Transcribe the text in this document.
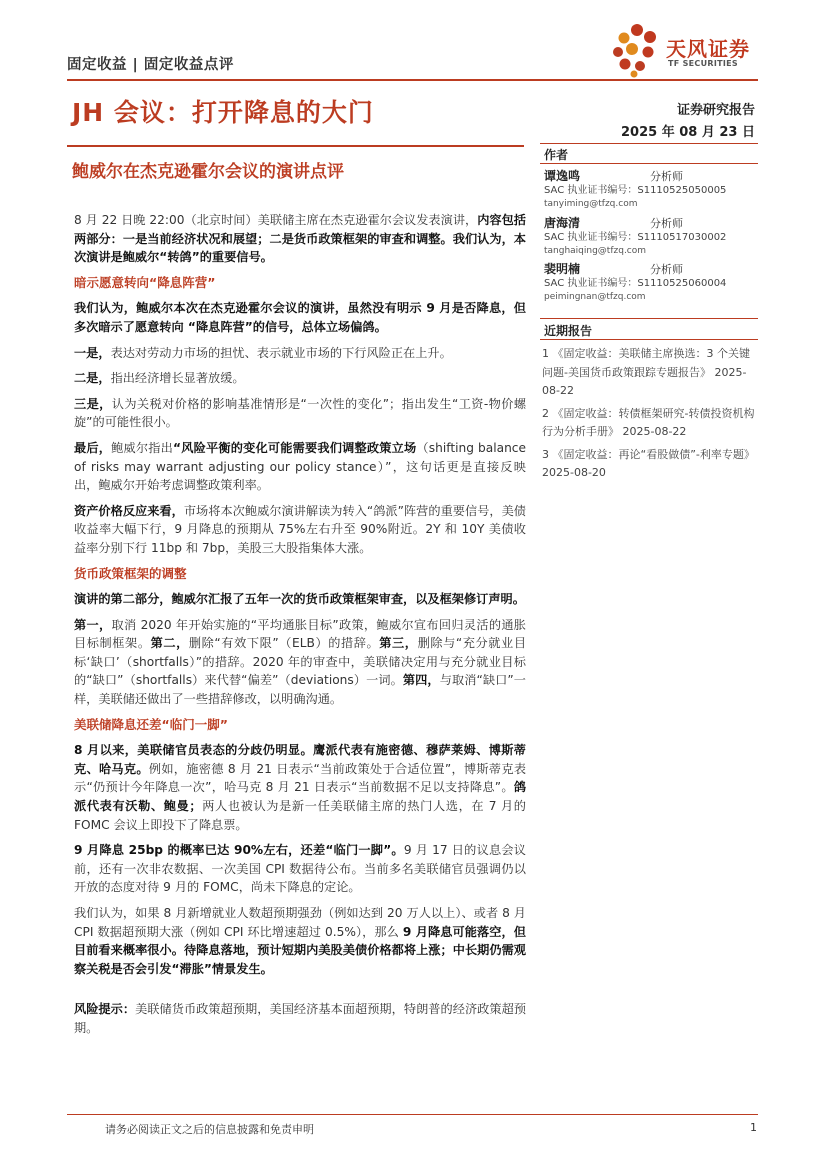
固定收益 | 固定收益点评
天风证券
TF SECURITIES
JH 会议：打开降息的大门
鲍威尔在杰克逊霍尔会议的演讲点评
证券研究报告
2025 年 08 月 23 日
作者
谭逸鸣	分析师
SAC 执业证书编号：S1110525050005
tanyiming@tfzq.com
唐海清	分析师
SAC 执业证书编号：S1110517030002
tanghaiqing@tfzq.com
裴明楠	分析师
SAC 执业证书编号：S1110525060004
peimingnan@tfzq.com
近期报告

1 《固定收益：美联储主席换选：3 个关键问题-美国货币政策跟踪专题报告》 2025-08-22

2 《固定收益：转债框架研究-转债投资机构行为分析手册》 2025-08-22

3 《固定收益：再论“看股做债”-利率专题》 2025-08-20

8 月 22 日晚 22:00（北京时间）美联储主席在杰克逊霍尔会议发表演讲，内容包括两部分：一是当前经济状况和展望；二是货币政策框架的审查和调整。我们认为，本次演讲是鲍威尔“转鸽”的重要信号。

暗示愿意转向“降息阵营”

我们认为，鲍威尔本次在杰克逊霍尔会议的演讲，虽然没有明示 9 月是否降息，但多次暗示了愿意转向 “降息阵营”的信号，总体立场偏鸽。

一是，表达对劳动力市场的担忧、表示就业市场的下行风险正在上升。

二是，指出经济增长显著放缓。

三是，认为关税对价格的影响基准情形是“一次性的变化”；指出发生“工资-物价螺旋”的可能性很小。

最后，鲍威尔指出“风险平衡的变化可能需要我们调整政策立场（shifting balance of risks may warrant adjusting our policy stance）”，这句话更是直接反映出，鲍威尔开始考虑调整政策利率。

资产价格反应来看，市场将本次鲍威尔演讲解读为转入“鸽派”阵营的重要信号，美债收益率大幅下行，9 月降息的预期从 75%左右升至 90%附近。2Y 和 10Y 美债收益率分别下行 11bp 和 7bp，美股三大股指集体大涨。

货币政策框架的调整

演讲的第二部分，鲍威尔汇报了五年一次的货币政策框架审查，以及框架修订声明。

第一，取消 2020 年开始实施的“平均通胀目标”政策，鲍威尔宣布回归灵活的通胀目标制框架。第二，删除“有效下限”（ELB）的措辞。第三，删除与“充分就业目标‘缺口’（shortfalls）”的措辞。2020 年的审查中，美联储决定用与充分就业目标的“缺口”（shortfalls）来代替“偏差”（deviations）一词。第四，与取消“缺口”一样，美联储还做出了一些措辞修改，以明确沟通。

美联储降息还差“临门一脚”

8 月以来，美联储官员表态的分歧仍明显。鹰派代表有施密德、穆萨莱姆、博斯蒂克、哈马克。例如，施密德 8 月 21 日表示“当前政策处于合适位置”，博斯蒂克表示“仍预计今年降息一次”，哈马克 8 月 21 日表示“当前数据不足以支持降息”。鸽派代表有沃勒、鲍曼；两人也被认为是新一任美联储主席的热门人选，在 7 月的 FOMC 会议上即投下了降息票。

9 月降息 25bp 的概率已达 90%左右，还差“临门一脚”。9 月 17 日的议息会议前，还有一次非农数据、一次美国 CPI 数据待公布。当前多名美联储官员强调仍以开放的态度对待 9 月的 FOMC，尚未下降息的定论。

我们认为，如果 8 月新增就业人数超预期强劲（例如达到 20 万人以上）、或者 8 月 CPI 数据超预期大涨（例如 CPI 环比增速超过 0.5%），那么 9 月降息可能落空，但目前看来概率很小。待降息落地，预计短期内美股美债价格都将上涨；中长期仍需观察关税是否会引发“滞胀”情景发生。

风险提示：美联储货币政策超预期，美国经济基本面超预期，特朗普的经济政策超预期。

请务必阅读正文之后的信息披露和免责申明	1
